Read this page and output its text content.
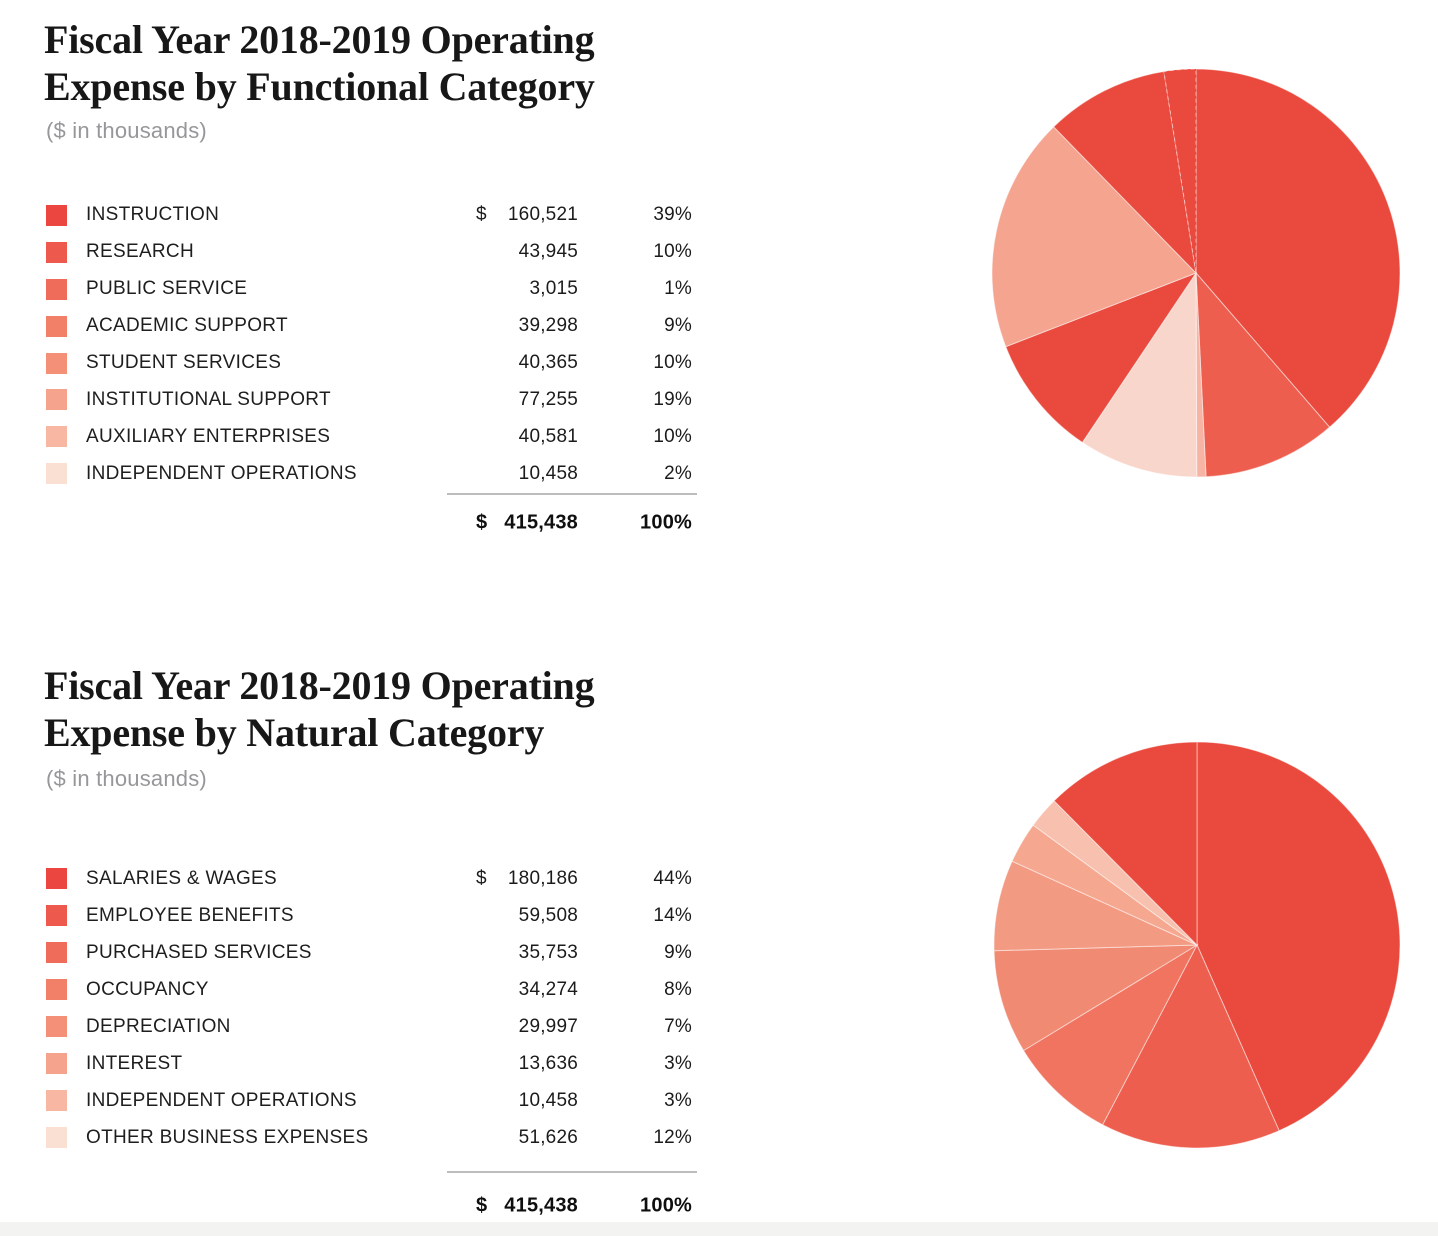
Fiscal Year 2018-2019 Operating
Expense by Functional Category
($ in thousands)
INSTRUCTION	$	160,521	39%
RESEARCH	43,945	10%
PUBLIC SERVICE	3,015	1%
ACADEMIC SUPPORT	39,298	9%
STUDENT SERVICES	40,365	10%
INSTITUTIONAL SUPPORT	77,255	19%
AUXILIARY ENTERPRISES	40,581	10%
INDEPENDENT OPERATIONS	10,458	2%
$ 415,438	100%
Fiscal Year 2018-2019 Operating
Expense by Natural Category
($ in thousands)
SALARIES & WAGES	$	180,186	44%
EMPLOYEE BENEFITS	59,508	14%
PURCHASED SERVICES	35,753	9%
OCCUPANCY	34,274	8%
DEPRECIATION	29,997	7%
INTEREST	13,636	3%
INDEPENDENT OPERATIONS	10,458	3%
OTHER BUSINESS EXPENSES	51,626	12%
$ 415,438	100%
